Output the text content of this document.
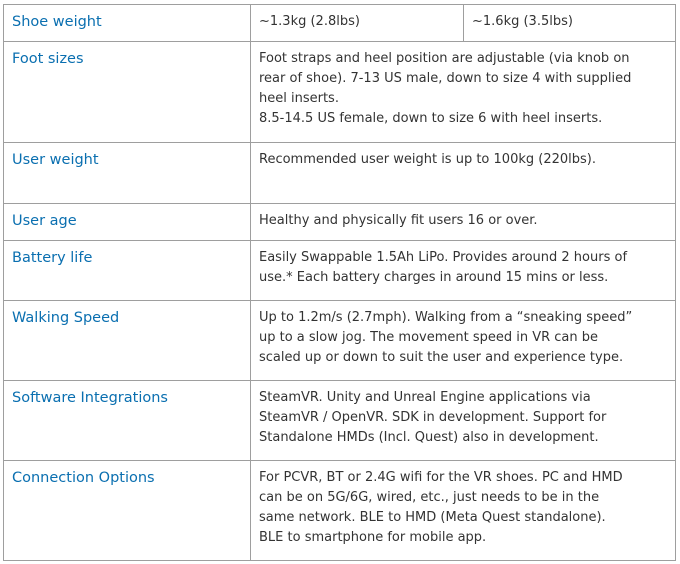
Shoe weight	~1.3kg (2.8lbs)	~1.6kg (3.5lbs)
Foot sizes	Foot straps and heel position are adjustable (via knob on
rear of shoe). 7-13 US male, down to size 4 with supplied
heel inserts.
8.5-14.5 US female, down to size 6 with heel inserts.	

User weight	Recommended user weight is up to 100kg (220lbs).	

User age	Healthy and physically fit users 16 or over.	

Battery life	Easily Swappable 1.5Ah LiPo. Provides around 2 hours of
use.* Each battery charges in around 15 mins or less.	

Walking Speed	Up to 1.2m/s (2.7mph). Walking from a “sneaking speed”
up to a slow jog. The movement speed in VR can be
scaled up or down to suit the user and experience type.	

Software Integrations	SteamVR. Unity and Unreal Engine applications via
SteamVR / OpenVR. SDK in development. Support for
Standalone HMDs (Incl. Quest) also in development.	

Connection Options	For PCVR, BT or 2.4G wifi for the VR shoes. PC and HMD
can be on 5G/6G, wired, etc., just needs to be in the
same network. BLE to HMD (Meta Quest standalone).
BLE to smartphone for mobile app.	
